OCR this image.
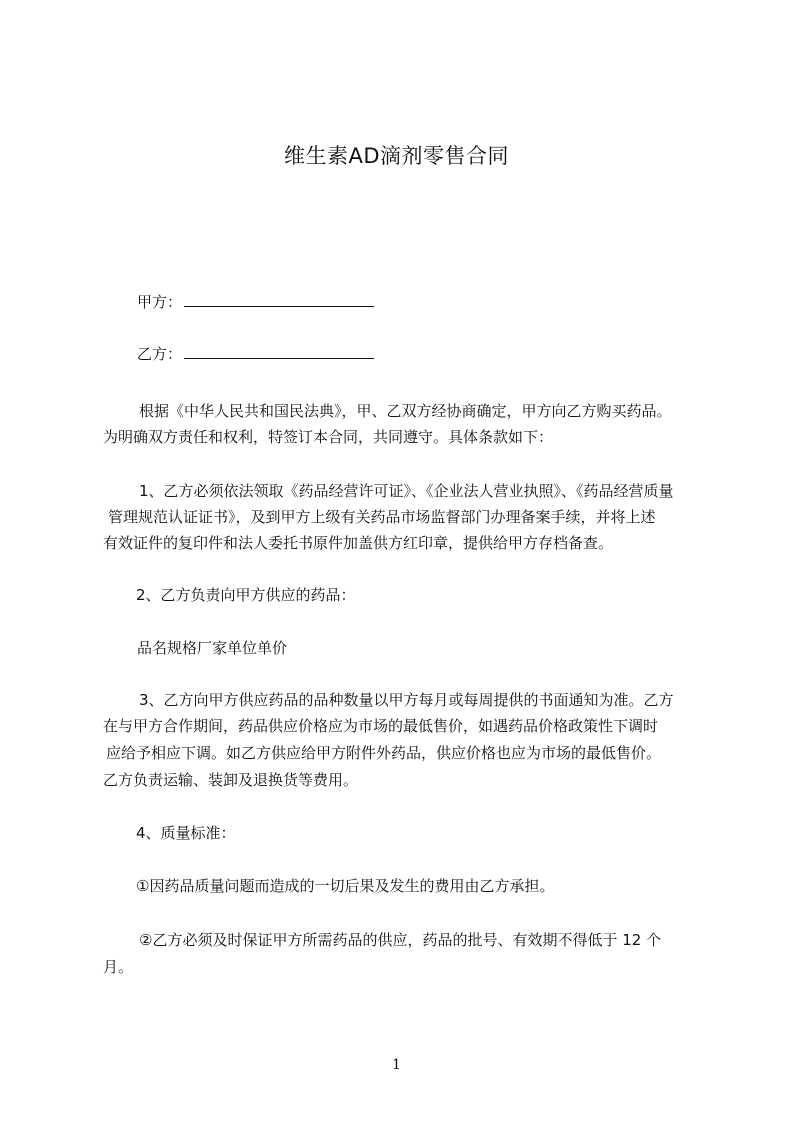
维生素AD滴剂零售合同
甲方：
乙方：
根据《中华人民共和国民法典》，甲、乙双方经协商确定，甲方向乙方购买药品。
为明确双方责任和权利，特签订本合同，共同遵守。具体条款如下：
1、乙方必须依法领取《药品经营许可证》、《企业法人营业执照》、《药品经营质量
管理规范认证证书》，及到甲方上级有关药品市场监督部门办理备案手续，并将上述
有效证件的复印件和法人委托书原件加盖供方红印章，提供给甲方存档备查。
2、乙方负责向甲方供应的药品：
品名规格厂家单位单价
3、乙方向甲方供应药品的品种数量以甲方每月或每周提供的书面通知为准。乙方
在与甲方合作期间，药品供应价格应为市场的最低售价，如遇药品价格政策性下调时
应给予相应下调。如乙方供应给甲方附件外药品，供应价格也应为市场的最低售价。
乙方负责运输、装卸及退换货等费用。
4、质量标准：
①因药品质量问题而造成的一切后果及发生的费用由乙方承担。
②乙方必须及时保证甲方所需药品的供应，药品的批号、有效期不得低于 12 个
月。
1
